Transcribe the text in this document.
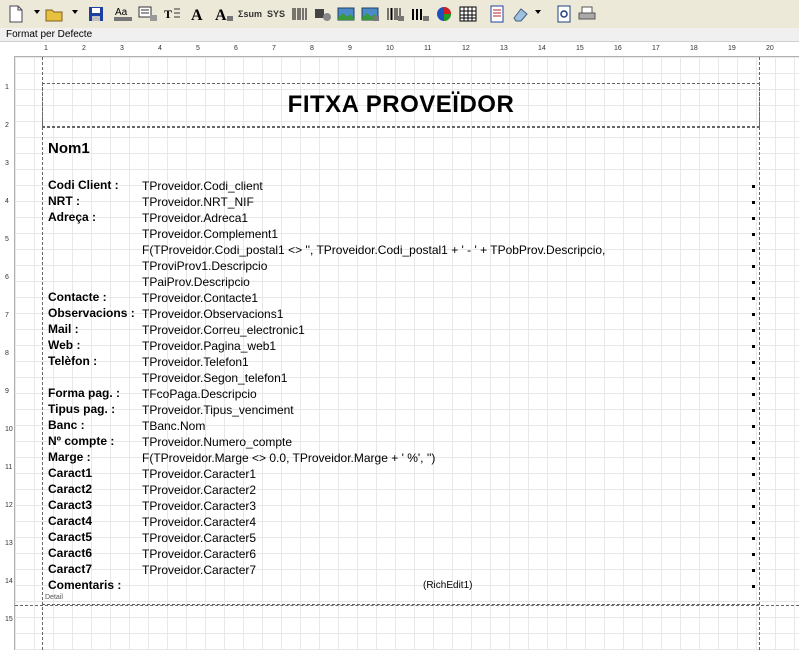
Aa	T A A Σsum SYS
Format per Defecte
1	2	3	4	5	6	7	8	9	10	11	12	13	14	15	16	17	18	19	20
1
2
3
4
5
6
7
8
9
10
11
12
13
14
15
FITXA PROVEÏDOR
Nom1
Detail
(RichEdit1)
Codi Client : TProveidor.Codi_client
NRT :	TProveidor.NRT_NIF
Adreça :	TProveidor.Adreca1
TProveidor.Complement1
F(TProveidor.Codi_postal1 <> '', TProveidor.Codi_postal1 + ' - ' + TPobProv.Descripcio,
TProviProv1.Descripcio
TPaiProv.Descripcio
Contacte :	TProveidor.Contacte1
Observacions : TProveidor.Observacions1
Mail :	TProveidor.Correu_electronic1
Web :	TProveidor.Pagina_web1
Telèfon :	TProveidor.Telefon1
TProveidor.Segon_telefon1
Forma pag. : TFcoPaga.Descripcio
Tipus pag. : TProveidor.Tipus_venciment
Banc :	TBanc.Nom
Nº compte : TProveidor.Numero_compte
Marge :	F(TProveidor.Marge <> 0.0, TProveidor.Marge + ' %', '')
Caract1	TProveidor.Caracter1
Caract2	TProveidor.Caracter2
Caract3	TProveidor.Caracter3
Caract4	TProveidor.Caracter4
Caract5	TProveidor.Caracter5
Caract6	TProveidor.Caracter6
Caract7	TProveidor.Caracter7
Comentaris :
